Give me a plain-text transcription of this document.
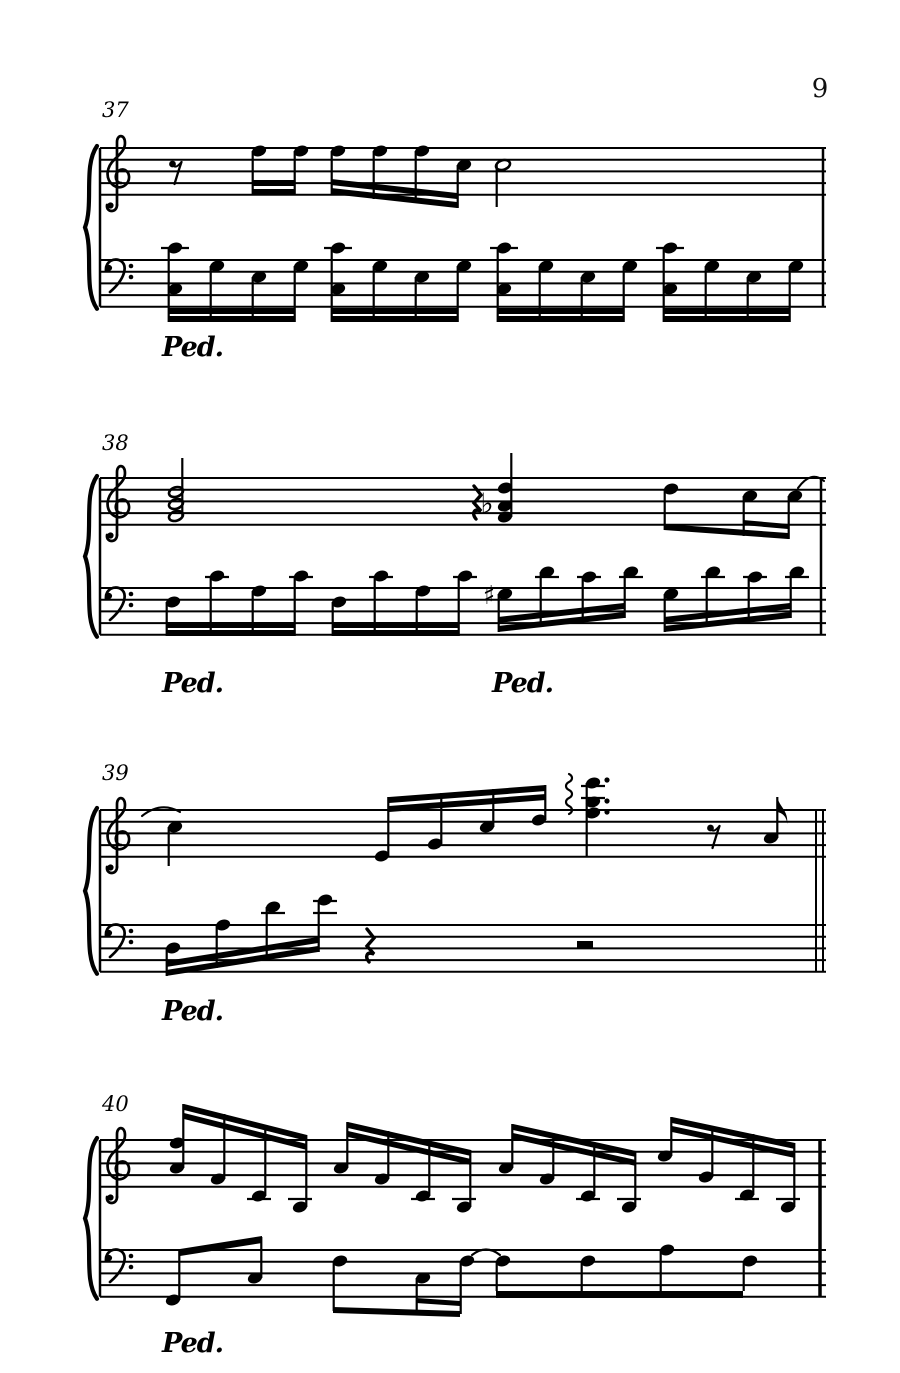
9
37
Ped.
38
Ped.	Ped.
♭
♯
39
Ped.
40
Ped.
